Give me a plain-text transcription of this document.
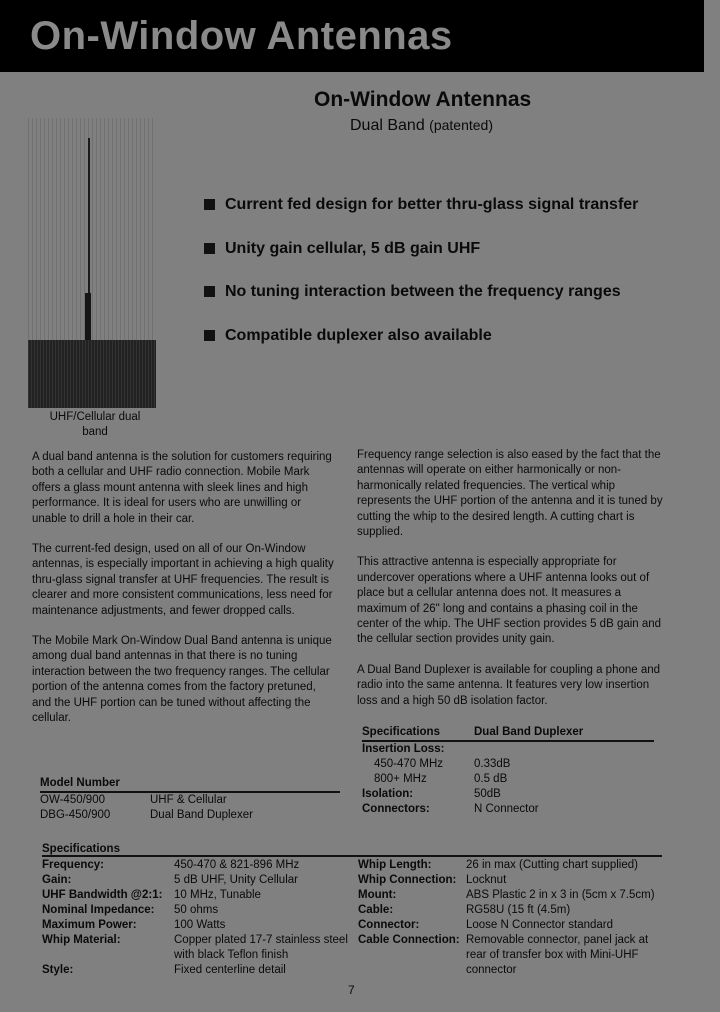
On-Window Antennas
On-Window Antennas
Dual Band (patented)
UHF/Cellular dual band
Current fed design for better thru-glass signal transfer
Unity gain cellular, 5 dB gain UHF
No tuning interaction between the frequency ranges
Compatible duplexer also available

A dual band antenna is the solution for customers requiring both a cellular and UHF radio connection. Mobile Mark offers a glass mount antenna with sleek lines and high performance. It is ideal for users who are unwilling or unable to drill a hole in their car.

The current-fed design, used on all of our On-Window antennas, is especially important in achieving a high quality thru-glass signal transfer at UHF frequencies. The result is clearer and more consistent communications, less need for maintenance adjustments, and fewer dropped calls.

The Mobile Mark On-Window Dual Band antenna is unique among dual band antennas in that there is no tuning interaction between the two frequency ranges. The cellular portion of the antenna comes from the factory pretuned, and the UHF portion can be tuned without affecting the cellular.

Frequency range selection is also eased by the fact that the antennas will operate on either harmonically or non-harmonically related frequencies. The vertical whip represents the UHF portion of the antenna and it is tuned by cutting the whip to the desired length. A cutting chart is supplied.

This attractive antenna is especially appropriate for undercover operations where a UHF antenna looks out of place but a cellular antenna does not. It measures a maximum of 26" long and contains a phasing coil in the center of the whip. The UHF section provides 5 dB gain and the cellular section provides unity gain.

A Dual Band Duplexer is available for coupling a phone and radio into the same antenna. It features very low insertion loss and a high 50 dB isolation factor.

Specifications	Dual Band Duplexer
Insertion Loss:	
450-470 MHz	0.33dB
800+ MHz	0.5 dB
Isolation:	50dB
Connectors:	N Connector
Model Number	
OW-450/900	UHF & Cellular
DBG-450/900	Dual Band Duplexer
Specifications
Frequency:	450-470 & 821-896 MHz
Gain:	5 dB UHF, Unity Cellular
UHF Bandwidth @2:1:	10 MHz, Tunable
Nominal Impedance:	50 ohms
Maximum Power:	100 Watts
Whip Material:	Copper plated 17-7 stainless steel with black Teflon finish
Style:	Fixed centerline detail
Whip Length:	26 in max (Cutting chart supplied)
Whip Connection:	Locknut
Mount:	ABS Plastic 2 in x 3 in (5cm x 7.5cm)
Cable:	RG58U (15 ft (4.5m)
Connector:	Loose N Connector standard
Cable Connection:	Removable connector, panel jack at rear of transfer box with Mini-UHF connector
7
